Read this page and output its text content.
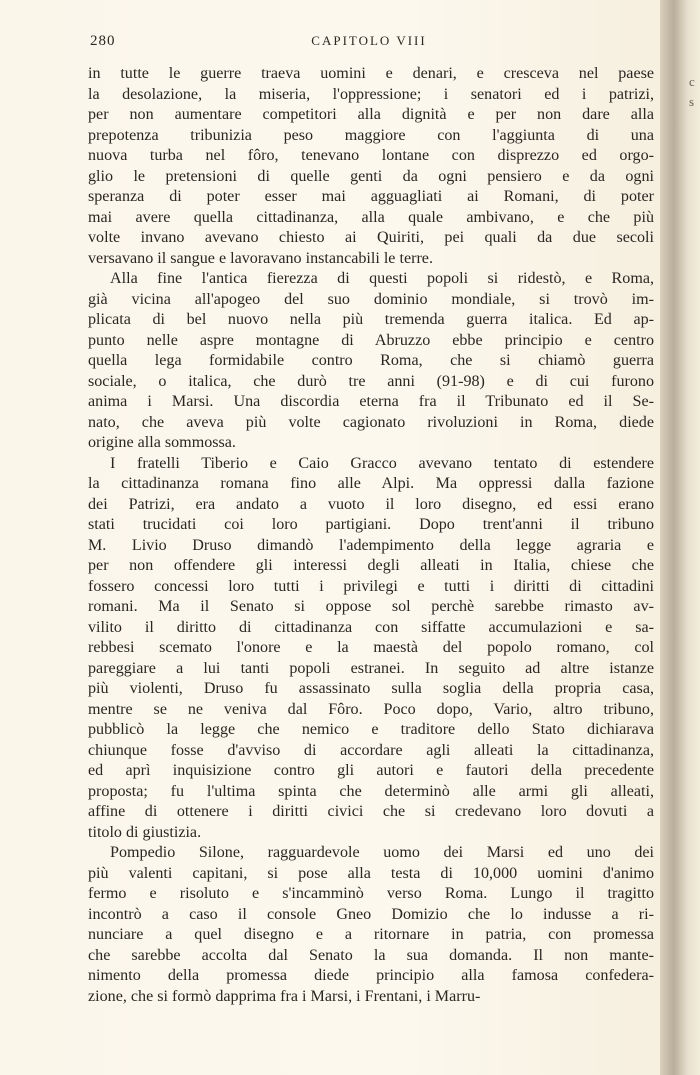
280	CAPITOLO VIII

in tutte le guerre traeva uomini e denari, e cresceva nel paese
la desolazione, la miseria, l'oppressione; i senatori ed i patrizi,
per non aumentare competitori alla dignità e per non dare alla
prepotenza tribunizia peso maggiore con l'aggiunta di una
nuova turba nel fôro, tenevano lontane con disprezzo ed orgo-
glio le pretensioni di quelle genti da ogni pensiero e da ogni
speranza di poter esser mai agguagliati ai Romani, di poter
mai avere quella cittadinanza, alla quale ambivano, e che più
volte invano avevano chiesto ai Quiriti, pei quali da due secoli
versavano il sangue e lavoravano instancabili le terre.

Alla fine l'antica fierezza di questi popoli si ridestò, e Roma,
già vicina all'apogeo del suo dominio mondiale, si trovò im-
plicata di bel nuovo nella più tremenda guerra italica. Ed ap-
punto nelle aspre montagne di Abruzzo ebbe principio e centro
quella lega formidabile contro Roma, che si chiamò guerra
sociale, o italica, che durò tre anni (91-98) e di cui furono
anima i Marsi. Una discordia eterna fra il Tribunato ed il Se-
nato, che aveva più volte cagionato rivoluzioni in Roma, diede
origine alla sommossa.

I fratelli Tiberio e Caio Gracco avevano tentato di estendere
la cittadinanza romana fino alle Alpi. Ma oppressi dalla fazione
dei Patrizi, era andato a vuoto il loro disegno, ed essi erano
stati trucidati coi loro partigiani. Dopo trent'anni il tribuno
M. Livio Druso dimandò l'adempimento della legge agraria e
per non offendere gli interessi degli alleati in Italia, chiese che
fossero concessi loro tutti i privilegi e tutti i diritti di cittadini
romani. Ma il Senato si oppose sol perchè sarebbe rimasto av-
vilito il diritto di cittadinanza con siffatte accumulazioni e sa-
rebbesi scemato l'onore e la maestà del popolo romano, col
pareggiare a lui tanti popoli estranei. In seguito ad altre istanze
più violenti, Druso fu assassinato sulla soglia della propria casa,
mentre se ne veniva dal Fôro. Poco dopo, Vario, altro tribuno,
pubblicò la legge che nemico e traditore dello Stato dichiarava
chiunque fosse d'avviso di accordare agli alleati la cittadinanza,
ed aprì inquisizione contro gli autori e fautori della precedente
proposta; fu l'ultima spinta che determinò alle armi gli alleati,
affine di ottenere i diritti civici che si credevano loro dovuti a
titolo di giustizia.

Pompedio Silone, ragguardevole uomo dei Marsi ed uno dei
più valenti capitani, si pose alla testa di 10,000 uomini d'animo
fermo e risoluto e s'incamminò verso Roma. Lungo il tragitto
incontrò a caso il console Gneo Domizio che lo indusse a ri-
nunciare a quel disegno e a ritornare in patria, con promessa
che sarebbe accolta dal Senato la sua domanda. Il non mante-
nimento della promessa diede principio alla famosa confedera-
zione, che si formò dapprima fra i Marsi, i Frentani, i Marru-

c
s
